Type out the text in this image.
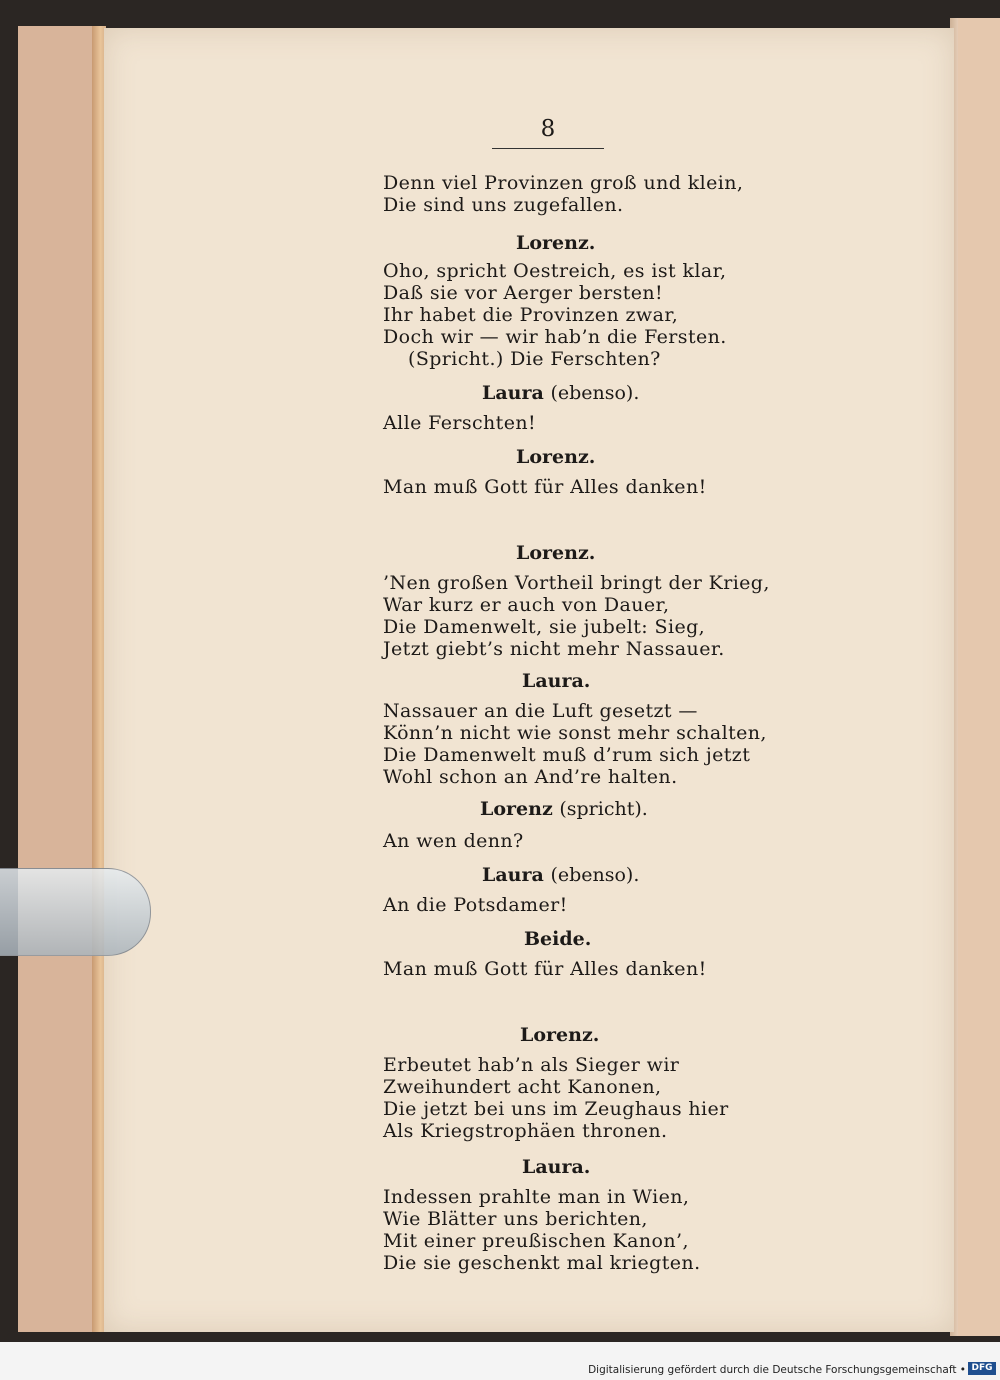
8
Denn viel Provinzen groß und klein,
Die sind uns zugefallen.
Lorenz.
Oho, spricht Oestreich, es ist klar,
Daß sie vor Aerger bersten!
Ihr habet die Provinzen zwar,
Doch wir — wir hab’n die Fersten.
(Spricht.) Die Ferschten?
Laura (ebenso).
Alle Ferschten!
Lorenz.
Man muß Gott für Alles danken!
Lorenz.
’Nen großen Vortheil bringt der Krieg,
War kurz er auch von Dauer,
Die Damenwelt, sie jubelt: Sieg,
Jetzt giebt’s nicht mehr Nassauer.
Laura.
Nassauer an die Luft gesetzt —
Könn’n nicht wie sonst mehr schalten,
Die Damenwelt muß d’rum sich jetzt
Wohl schon an And’re halten.
Lorenz (spricht).
An wen denn?
Laura (ebenso).
An die Potsdamer!
Beide.
Man muß Gott für Alles danken!
Lorenz.
Erbeutet hab’n als Sieger wir
Zweihundert acht Kanonen,
Die jetzt bei uns im Zeughaus hier
Als Kriegstrophäen thronen.
Laura.
Indessen prahlte man in Wien,
Wie Blätter uns berichten,
Mit einer preußischen Kanon’,
Die sie geschenkt mal kriegten.
Digitalisierung gefördert durch die Deutsche Forschungsgemeinschaft • DFG
